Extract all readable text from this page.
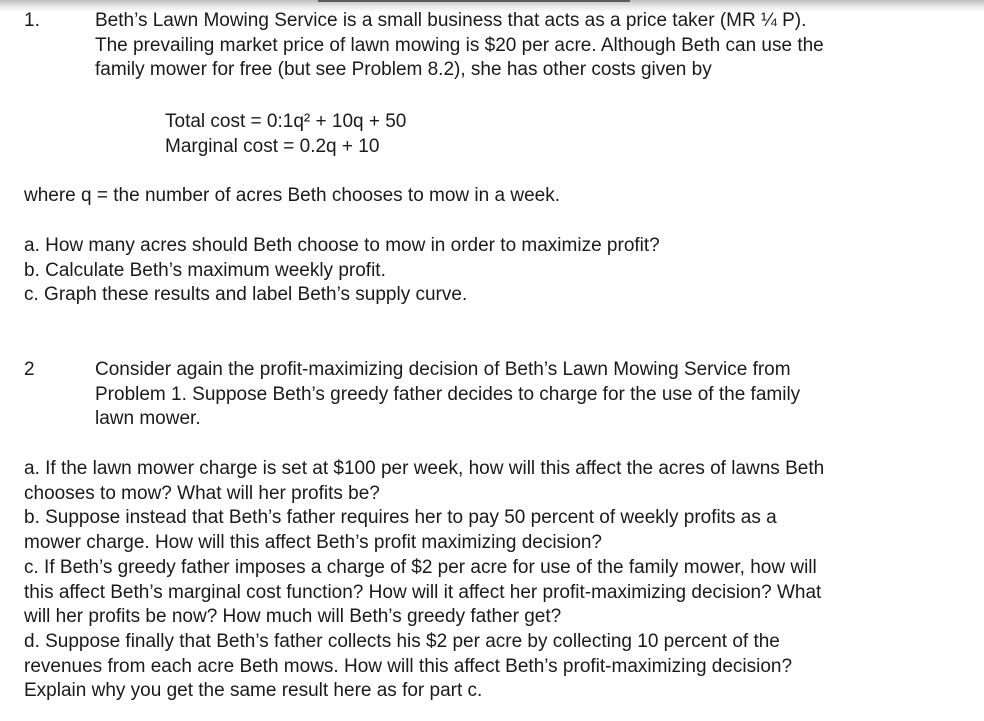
1.	Beth’s Lawn Mowing Service is a small business that acts as a price taker (MR ¼ P).
The prevailing market price of lawn mowing is $20 per acre. Although Beth can use the
family mower for free (but see Problem 8.2), she has other costs given by
Total cost = 0:1q² + 10q + 50
Marginal cost = 0.2q + 10
where q = the number of acres Beth chooses to mow in a week.
a. How many acres should Beth choose to mow in order to maximize profit?
b. Calculate Beth’s maximum weekly profit.
c. Graph these results and label Beth’s supply curve.
2	Consider again the profit-maximizing decision of Beth’s Lawn Mowing Service from
Problem 1. Suppose Beth’s greedy father decides to charge for the use of the family
lawn mower.
a. If the lawn mower charge is set at $100 per week, how will this affect the acres of lawns Beth
chooses to mow? What will her profits be?
b. Suppose instead that Beth’s father requires her to pay 50 percent of weekly profits as a
mower charge. How will this affect Beth’s profit maximizing decision?
c. If Beth’s greedy father imposes a charge of $2 per acre for use of the family mower, how will
this affect Beth’s marginal cost function? How will it affect her profit-maximizing decision? What
will her profits be now? How much will Beth’s greedy father get?
d. Suppose finally that Beth’s father collects his $2 per acre by collecting 10 percent of the
revenues from each acre Beth mows. How will this affect Beth’s profit-maximizing decision?
Explain why you get the same result here as for part c.
